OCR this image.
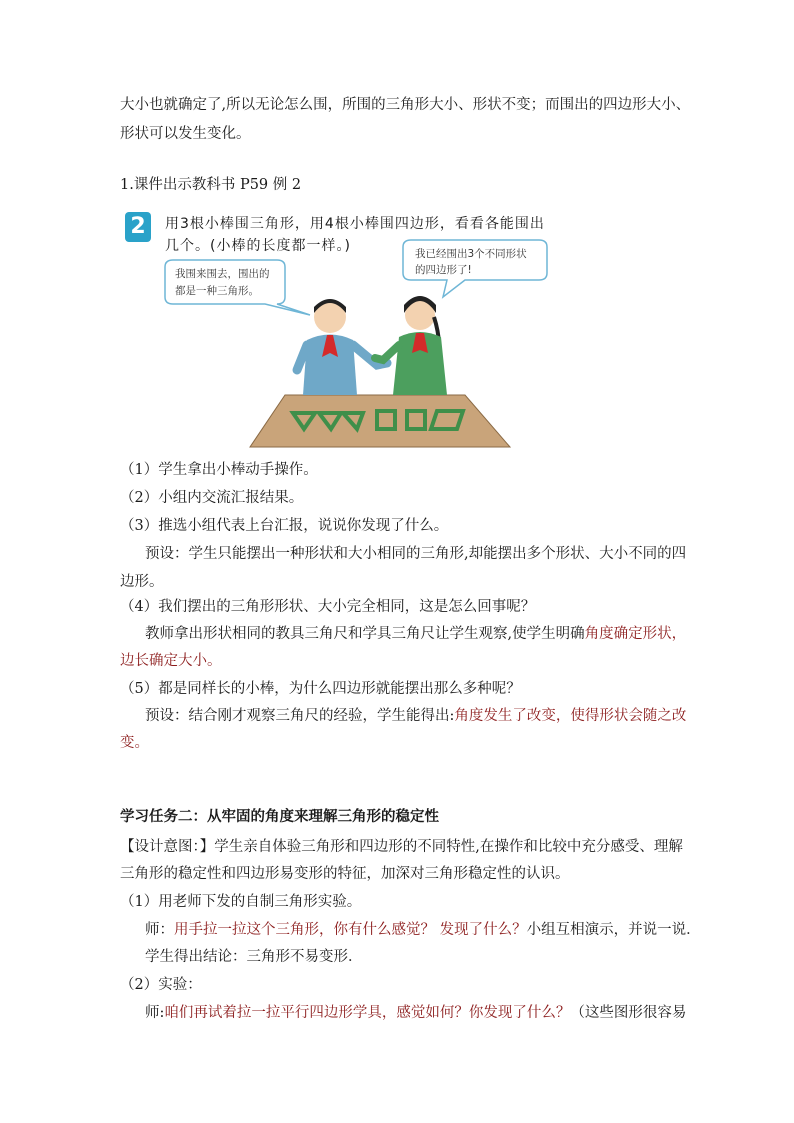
大小也就确定了,所以无论怎么围，所围的三角形大小、形状不变；而围出的四边形大小、
形状可以发生变化。
1.课件出示教科书 P59 例 2
2	用3根小棒围三角形，用4根小棒围四边形，看看各能围出
几个。(小棒的长度都一样。)
我围来围去，围出的
都是一种三角形。
我已经围出3个不同形状
的四边形了!
（1）学生拿出小棒动手操作。
（2）小组内交流汇报结果。
（3）推选小组代表上台汇报，说说你发现了什么。
预设：学生只能摆出一种形状和大小相同的三角形,却能摆出多个形状、大小不同的四
边形。
（4）我们摆出的三角形形状、大小完全相同，这是怎么回事呢？
教师拿出形状相同的教具三角尺和学具三角尺让学生观察,使学生明确角度确定形状，
边长确定大小。
（5）都是同样长的小棒，为什么四边形就能摆出那么多种呢？
预设：结合刚才观察三角尺的经验，学生能得出:角度发生了改变，使得形状会随之改
变。
学习任务二：从牢固的角度来理解三角形的稳定性
【设计意图：】学生亲自体验三角形和四边形的不同特性,在操作和比较中充分感受、理解
三角形的稳定性和四边形易变形的特征，加深对三角形稳定性的认识。
（1）用老师下发的自制三角形实验。
师：用手拉一拉这个三角形，你有什么感觉？ 发现了什么？小组互相演示，并说一说．
学生得出结论：三角形不易变形．
（2）实验：
师:咱们再试着拉一拉平行四边形学具，感觉如何？你发现了什么？（这些图形很容易
